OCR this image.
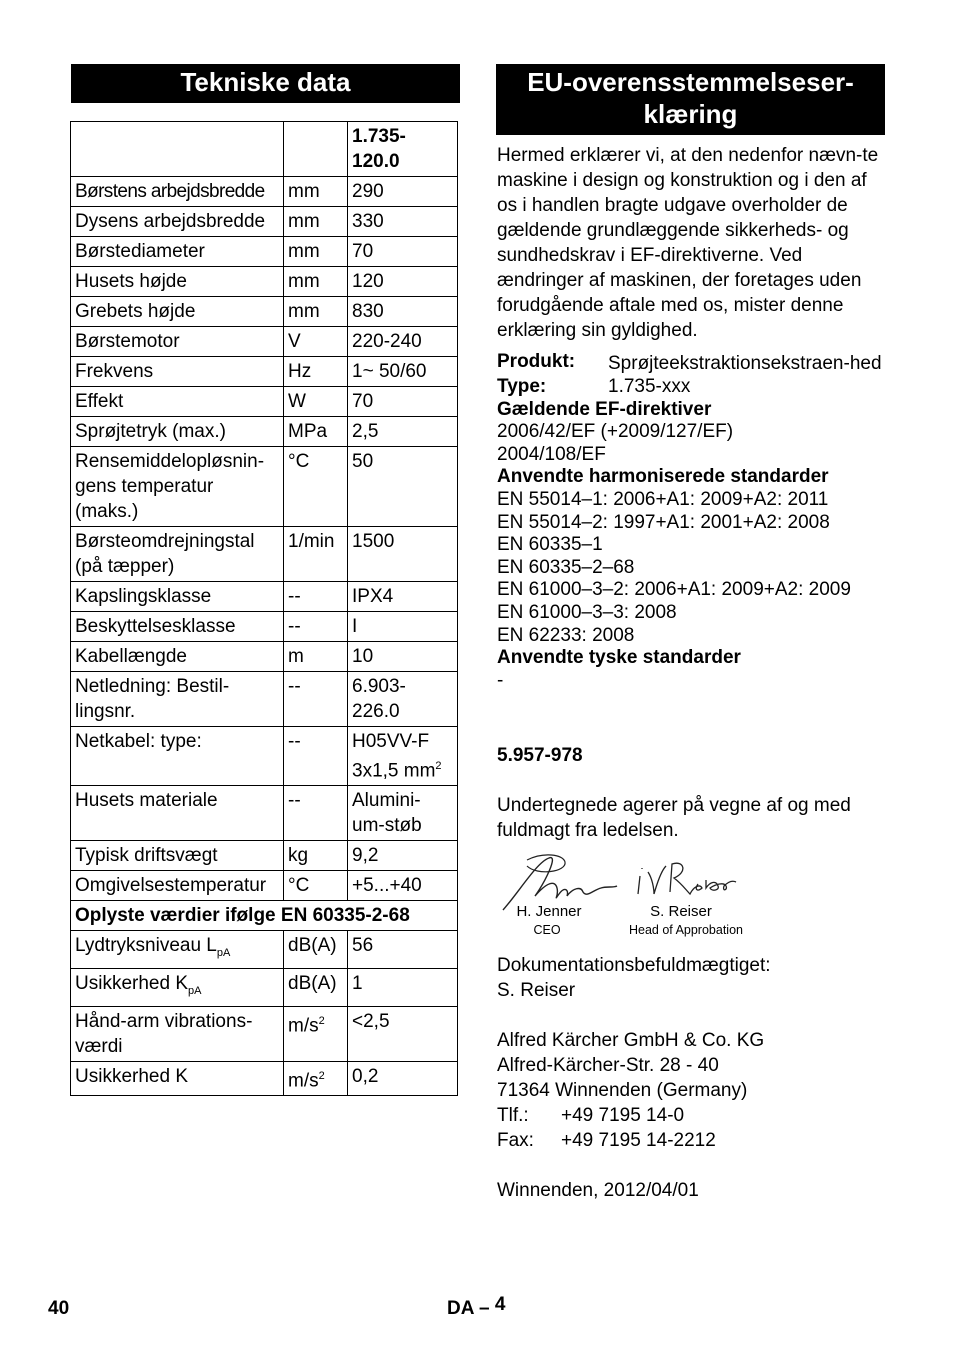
Tekniske data
		1.735-120.0
Børstens arbejdsbredde	mm	290
Dysens arbejdsbredde	mm	330
Børstediameter	mm	70
Husets højde	mm	120
Grebets højde	mm	830
Børstemotor	V	220-240
Frekvens	Hz	1~ 50/60
Effekt	W	70
Sprøjtetryk (max.)	MPa	2,5
Rensemiddelopløsnin-gens temperatur (maks.)	°C	50
Børsteomdrejningstal (på tæpper)	1/min	1500
Kapslingsklasse	--	IPX4
Beskyttelsesklasse	--	I
Kabellængde	m	10
Netledning: Bestil-lingsnr.	--	6.903-226.0
Netkabel: type:	--	H05VV-F 3x1,5 $mm^2$
Husets materiale	--	Alumini-um-støb
Typisk driftsvægt	kg	9,2
Omgivelsestemperatur	°C	+5...+40
Oplyste værdier ifølge EN 60335-2-68		
Lydtryksniveau $L_{pA}$	dB(A)	56
Usikkerhed $K_{pA}$	dB(A)	1
Hånd-arm vibrations-værdi	$m/s^2$	<2,5
Usikkerhed K	$m/s^2$	0,2
EU-overensstemmelseser-
klæring
Hermed erklærer vi, at den nedenfor nævn-te maskine i design og konstruktion og i den af os i handlen bragte udgave overholder de gældende grundlæggende sikkerheds- og sundhedskrav i EF-direktiverne. Ved ændringer af maskinen, der foretages uden forudgående aftale med os, mister denne erklæring sin gyldighed.
Produkt:	Sprøjteekstraktionsekstraen-hed
Type:	1.735-xxx
Gældende EF-direktiver
2006/42/EF (+2009/127/EF)
2004/108/EF
Anvendte harmoniserede standarder
EN 55014–1: 2006+A1: 2009+A2: 2011
EN 55014–2: 1997+A1: 2001+A2: 2008
EN 60335–1
EN 60335–2–68
EN 61000–3–2: 2006+A1: 2009+A2: 2009
EN 61000–3–3: 2008
EN 62233: 2008
Anvendte tyske standarder
-
5.957-978
Undertegnede agerer på vegne af og med fuldmagt fra ledelsen.
H. Jenner
CEO
S. Reiser
Head of Approbation
Dokumentationsbefuldmægtiget:
S. Reiser
Alfred Kärcher GmbH & Co. KG
Alfred-Kärcher-Str. 28 - 40
71364 Winnenden (Germany)
Tlf.: +49 7195 14-0
Fax: +49 7195 14-2212
Winnenden, 2012/04/01
40	DA – 4
